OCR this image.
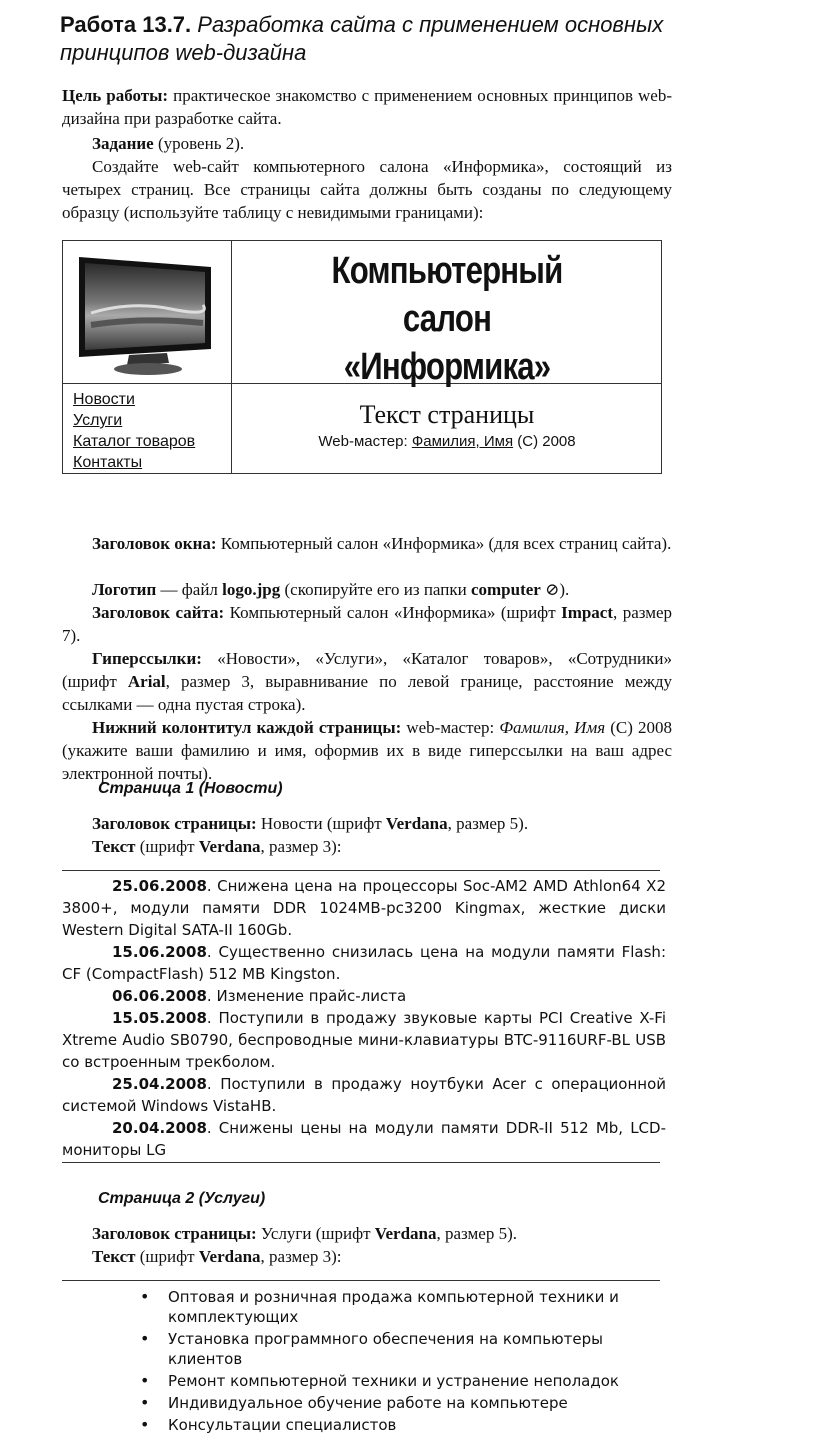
Работа 13.7. Разработка сайта с применением основных
принципов web-дизайна
Цель работы: практическое знакомство с применением основных принципов web-дизайна при разработке сайта.
Задание (уровень 2).
Создайте web-сайт компьютерного салона «Информика», состоящий из четырех страниц. Все страницы сайта должны быть созданы по следующему образцу (используйте таблицу с невидимыми границами):
Компьютерный
салон
«Информика»
Новости
Услуги
Каталог товаров
Контакты
Текст страницы
Web-мастер: Фамилия, Имя (С) 2008
Заголовок окна: Компьютерный салон «Информика» (для всех страниц сайта).
Логотип — файл logo.jpg (скопируйте его из папки computer ⊘).
Заголовок сайта: Компьютерный салон «Информика» (шрифт Impact, размер 7).
Гиперссылки: «Новости», «Услуги», «Каталог товаров», «Сотрудники» (шрифт Arial, размер 3, выравнивание по левой границе, расстояние между ссылками — одна пустая строка).
Нижний колонтитул каждой страницы: web-мастер: Фамилия, Имя (С) 2008 (укажите ваши фамилию и имя, оформив их в виде гиперссылки на ваш адрес электронной почты).
Страница 1 (Новости)
Заголовок страницы: Новости (шрифт Verdana, размер 5).
Текст (шрифт Verdana, размер 3):
25.06.2008. Снижена цена на процессоры Soc-AM2 AMD Athlon64 X2 3800+, модули памяти DDR 1024MB-pc3200 Kingmax, жесткие диски Western Digital SATA-II 160Gb.
15.06.2008. Существенно снизилась цена на модули памяти Flash: CF (CompactFlash) 512 MB Kingston.
06.06.2008. Изменение прайс-листа
15.05.2008. Поступили в продажу звуковые карты PCI Creative X-Fi Xtreme Audio SB0790, беспроводные мини-клавиатуры BTC-9116URF-BL USB со встроенным трекболом.
25.04.2008. Поступили в продажу ноутбуки Acer с операционной системой Windows VistaHB.
20.04.2008. Снижены цены на модули памяти DDR-II 512 Mb, LCD-мониторы LG
Страница 2 (Услуги)
Заголовок страницы: Услуги (шрифт Verdana, размер 5).
Текст (шрифт Verdana, размер 3):
• Оптовая и розничная продажа компьютерной техники и комплектующих
• Установка программного обеспечения на компьютеры клиентов
• Ремонт компьютерной техники и устранение неполадок
• Индивидуальное обучение работе на компьютере
• Консультации специалистов
